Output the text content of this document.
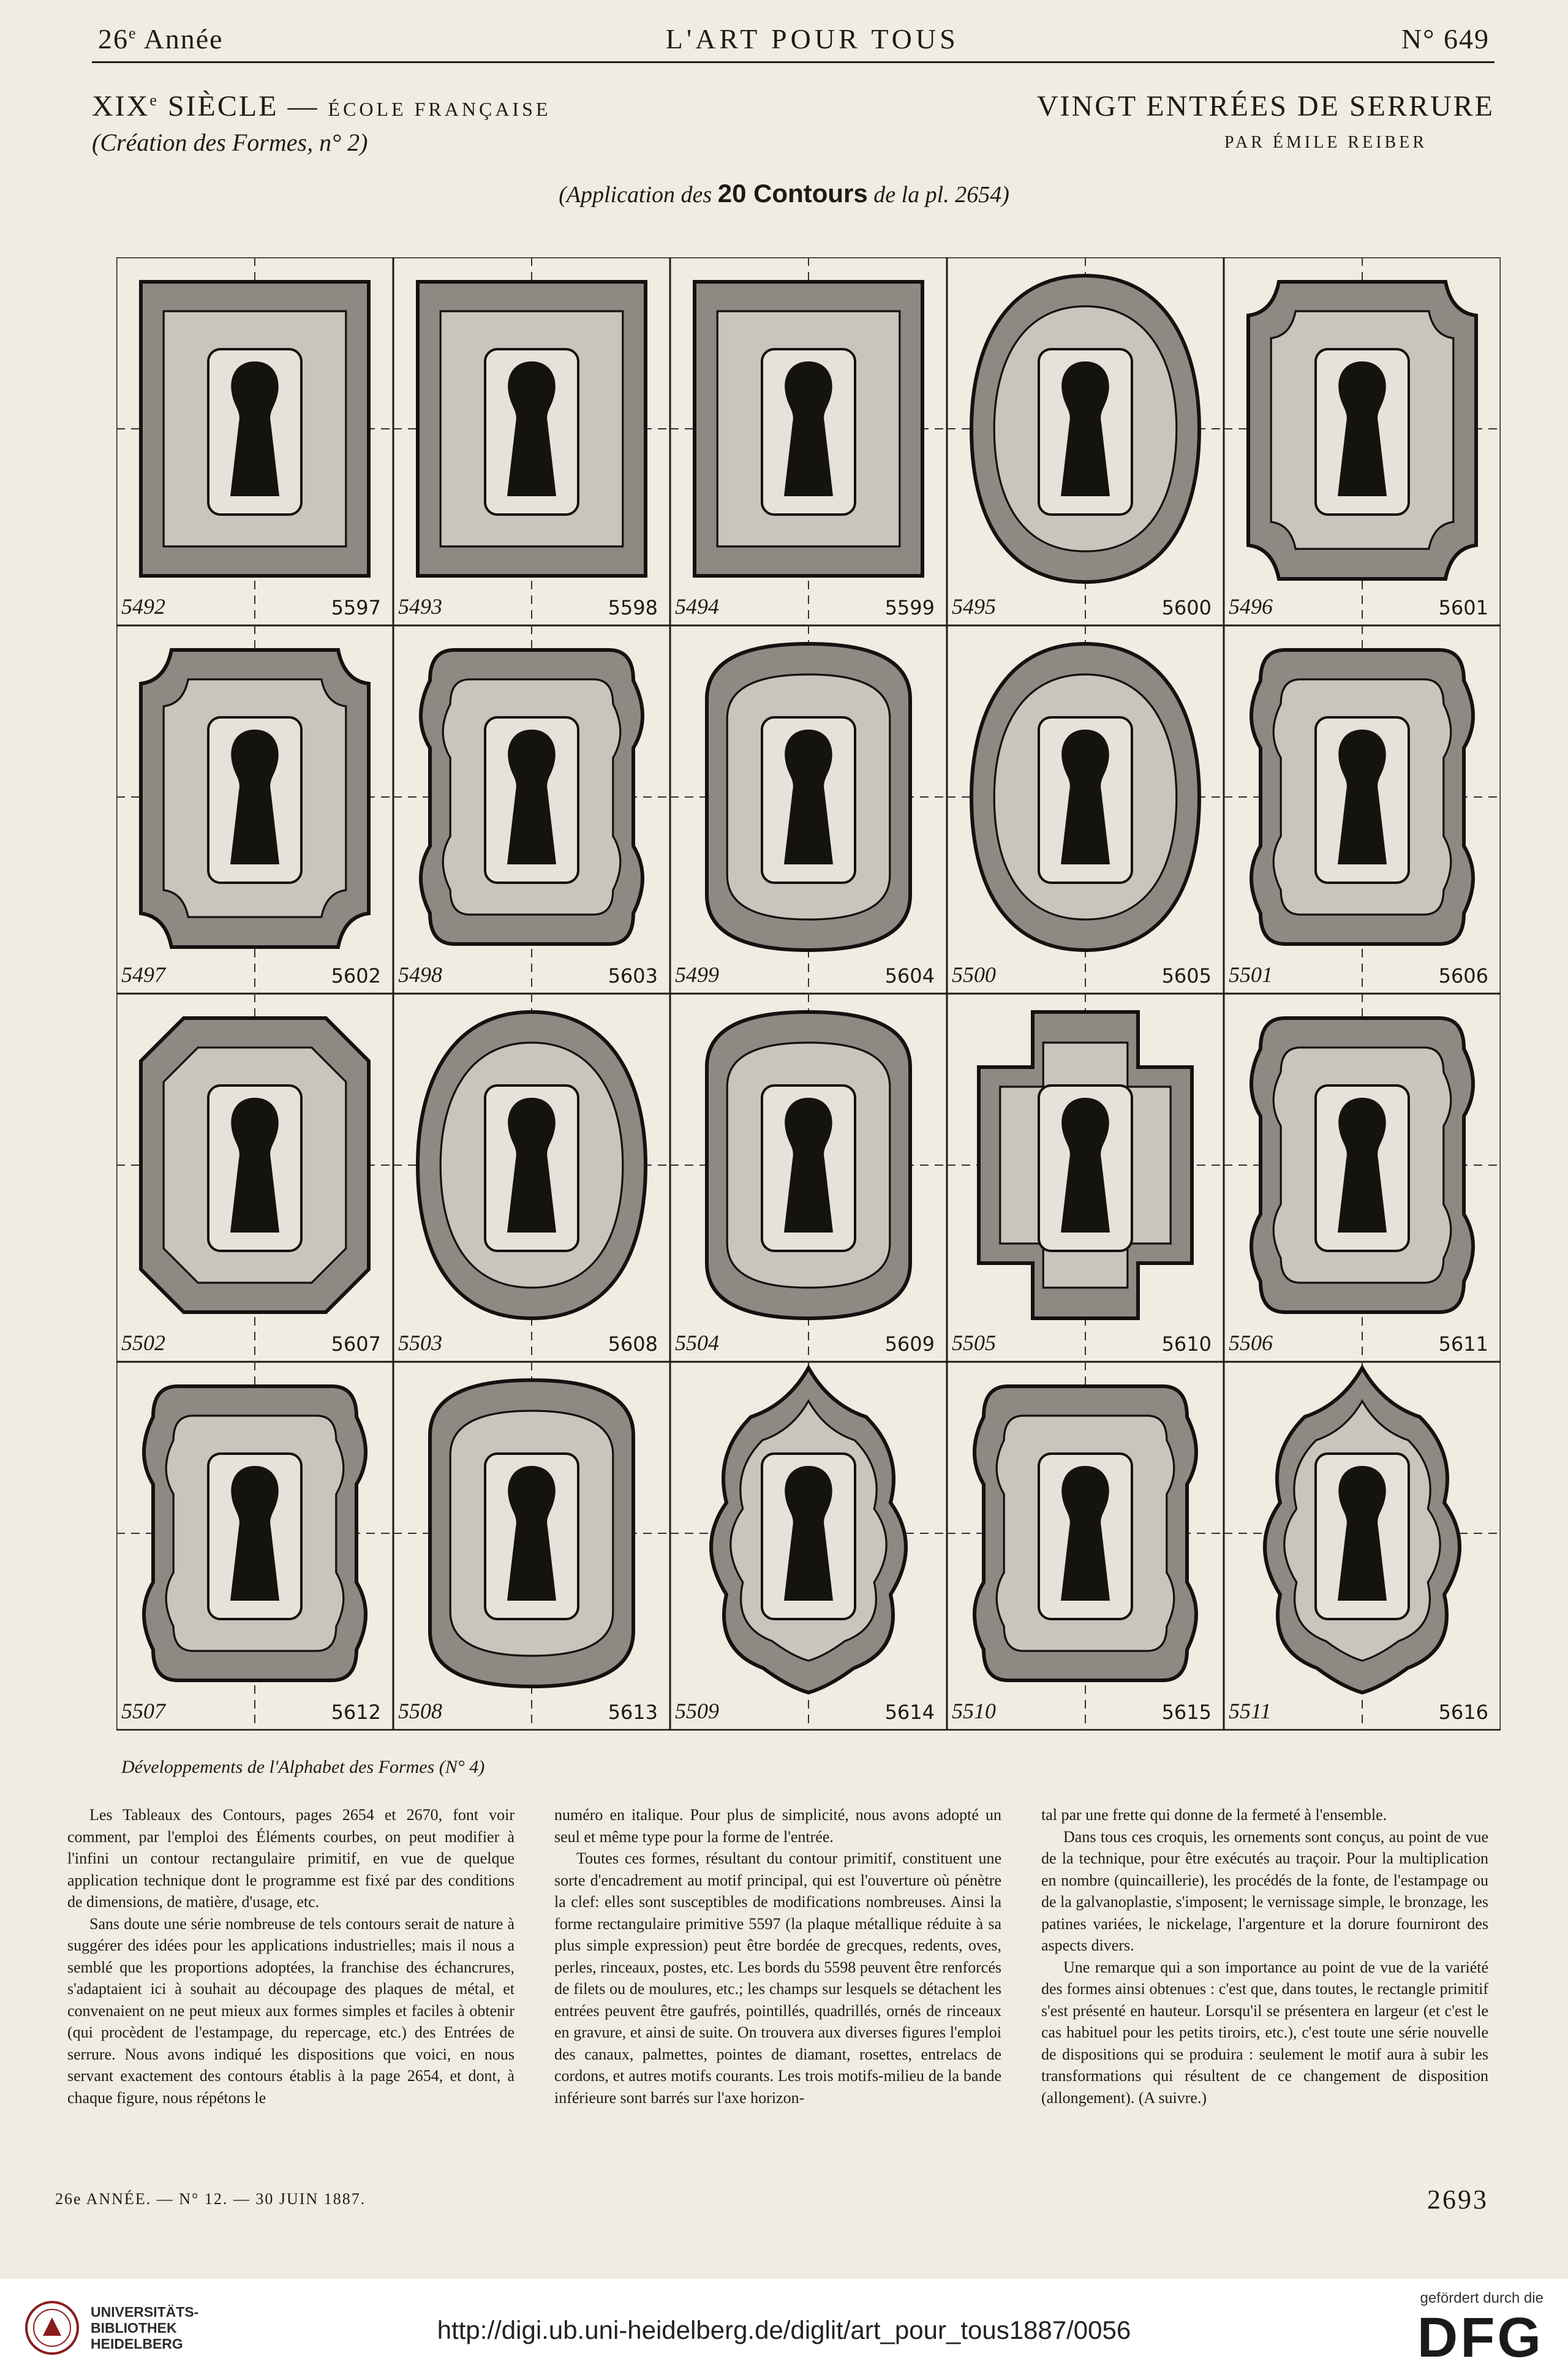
26e Année	L'ART POUR TOUS	N° 649
XIXe SIÈCLE — ÉCOLE FRANÇAISE	VINGT ENTRÉES DE SERRURE
(Création des Formes, n° 2)	PAR ÉMILE REIBER
(Application des 20 Contours de la pl. 2654)
5492	5597 5493	5598 5494	5599 5495	5600 5496	5601
5497	5602 5498	5603 5499	5604 5500	5605 5501	5606
5502	5607 5503	5608 5504	5609 5505	5610 5506	5611
5507	5612 5508	5613 5509	5614 5510	5615 5511	5616
Développements de l'Alphabet des Formes (N° 4)

Les Tableaux des Contours, pages 2654 et 2670, font voir comment, par l'emploi des Éléments courbes, on peut modifier à l'infini un contour rectangulaire primitif, en vue de quelque application technique dont le programme est fixé par des conditions de dimensions, de matière, d'usage, etc.

Sans doute une série nombreuse de tels contours serait de nature à suggérer des idées pour les applications industrielles; mais il nous a semblé que les proportions adoptées, la franchise des échancrures, s'adaptaient ici à souhait au découpage des plaques de métal, et convenaient on ne peut mieux aux formes simples et faciles à obtenir (qui procèdent de l'estampage, du repercage, etc.) des Entrées de serrure. Nous avons indiqué les dispositions que voici, en nous servant exactement des contours établis à la page 2654, et dont, à chaque figure, nous répétons le

numéro en italique. Pour plus de simplicité, nous avons adopté un seul et même type pour la forme de l'entrée.

Toutes ces formes, résultant du contour primitif, constituent une sorte d'encadrement au motif principal, qui est l'ouverture où pénètre la clef: elles sont susceptibles de modifications nombreuses. Ainsi la forme rectangulaire primitive 5597 (la plaque métallique réduite à sa plus simple expression) peut être bordée de grecques, redents, oves, perles, rinceaux, postes, etc. Les bords du 5598 peuvent être renforcés de filets ou de moulures, etc.; les champs sur lesquels se détachent les entrées peuvent être gaufrés, pointillés, quadrillés, ornés de rinceaux en gravure, et ainsi de suite. On trouvera aux diverses figures l'emploi des canaux, palmettes, pointes de diamant, rosettes, entrelacs de cordons, et autres motifs courants. Les trois motifs-milieu de la bande inférieure sont barrés sur l'axe horizon-

tal par une frette qui donne de la fermeté à l'ensemble.

Dans tous ces croquis, les ornements sont conçus, au point de vue de la technique, pour être exécutés au traçoir. Pour la multiplication en nombre (quincaillerie), les procédés de la fonte, de l'estampage ou de la galvanoplastie, s'imposent; le vernissage simple, le bronzage, les patines variées, le nickelage, l'argenture et la dorure fourniront des aspects divers.

Une remarque qui a son importance au point de vue de la variété des formes ainsi obtenues : c'est que, dans toutes, le rectangle primitif s'est présenté en hauteur. Lorsqu'il se présentera en largeur (et c'est le cas habituel pour les petits tiroirs, etc.), c'est toute une série nouvelle de dispositions qui se produira : seulement le motif aura à subir les transformations qui résultent de ce changement de disposition (allongement). (A suivre.)

26e ANNÉE. — N° 12. — 30 JUIN 1887.	2693
UNIVERSITÄTS-
BIBLIOTHEK
HEIDELBERG	http://digi.ub.uni-heidelberg.de/diglit/art_pour_tous1887/0056
gefördert durch die
DFG
